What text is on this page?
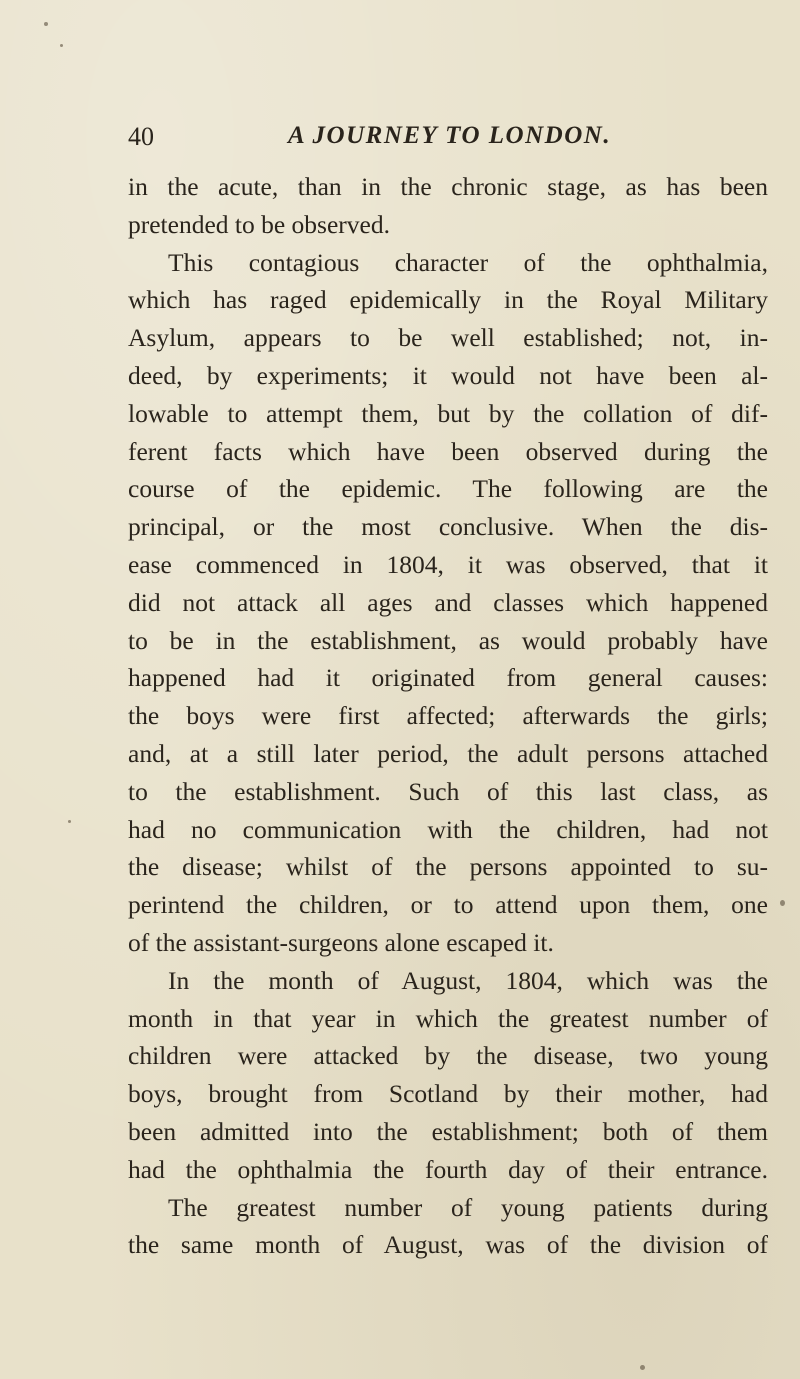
40	A JOURNEY TO LONDON.
in the acute, than in the chronic stage, as has been
pretended to be observed.
This contagious character of the ophthalmia,
which has raged epidemically in the Royal Military
Asylum, appears to be well established; not, in-
deed, by experiments; it would not have been al-
lowable to attempt them, but by the collation of dif-
ferent facts which have been observed during the
course of the epidemic. The following are the
principal, or the most conclusive. When the dis-
ease commenced in 1804, it was observed, that it
did not attack all ages and classes which happened
to be in the establishment, as would probably have
happened had it originated from general causes:
the boys were first affected; afterwards the girls;
and, at a still later period, the adult persons attached
to the establishment. Such of this last class, as
had no communication with the children, had not
the disease; whilst of the persons appointed to su-
perintend the children, or to attend upon them, one
of the assistant-surgeons alone escaped it.
In the month of August, 1804, which was the
month in that year in which the greatest number of
children were attacked by the disease, two young
boys, brought from Scotland by their mother, had
been admitted into the establishment; both of them
had the ophthalmia the fourth day of their entrance.
The greatest number of young patients during
the same month of August, was of the division of
